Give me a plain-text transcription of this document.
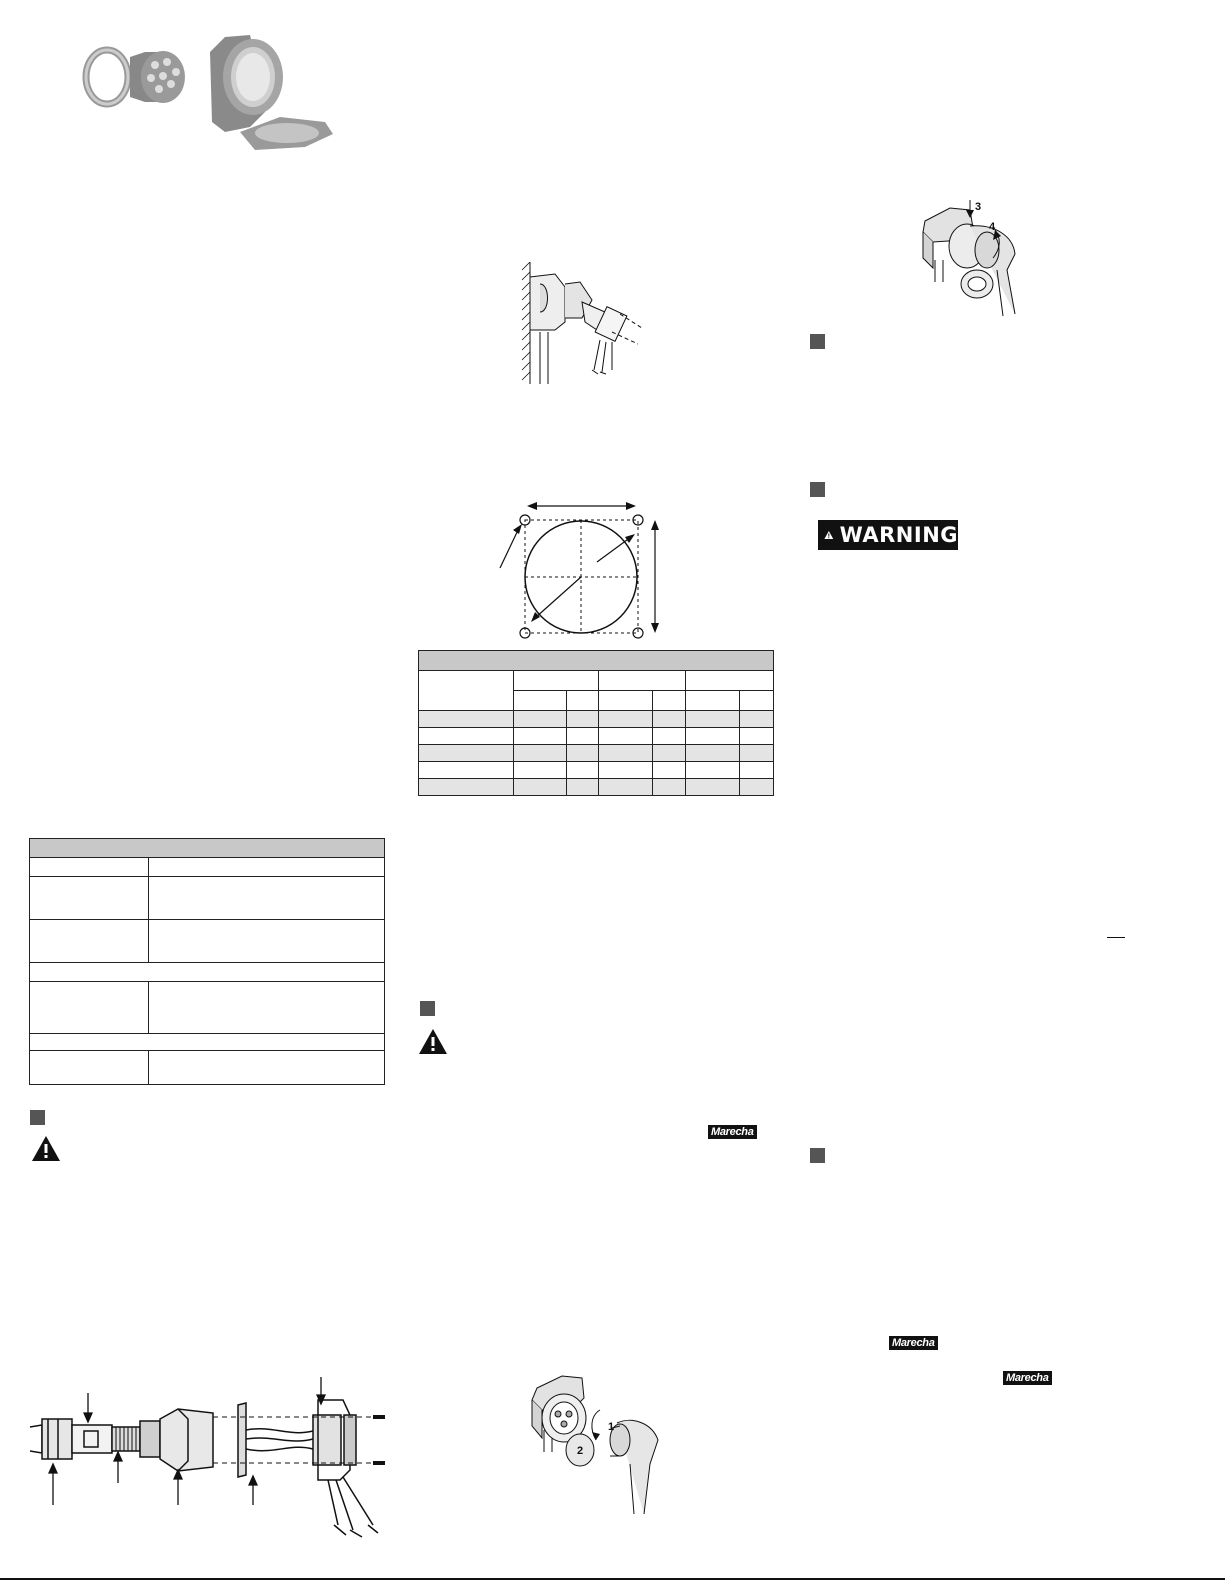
Marecha
1
2
3
4
WARNING
Marecha
Marecha
